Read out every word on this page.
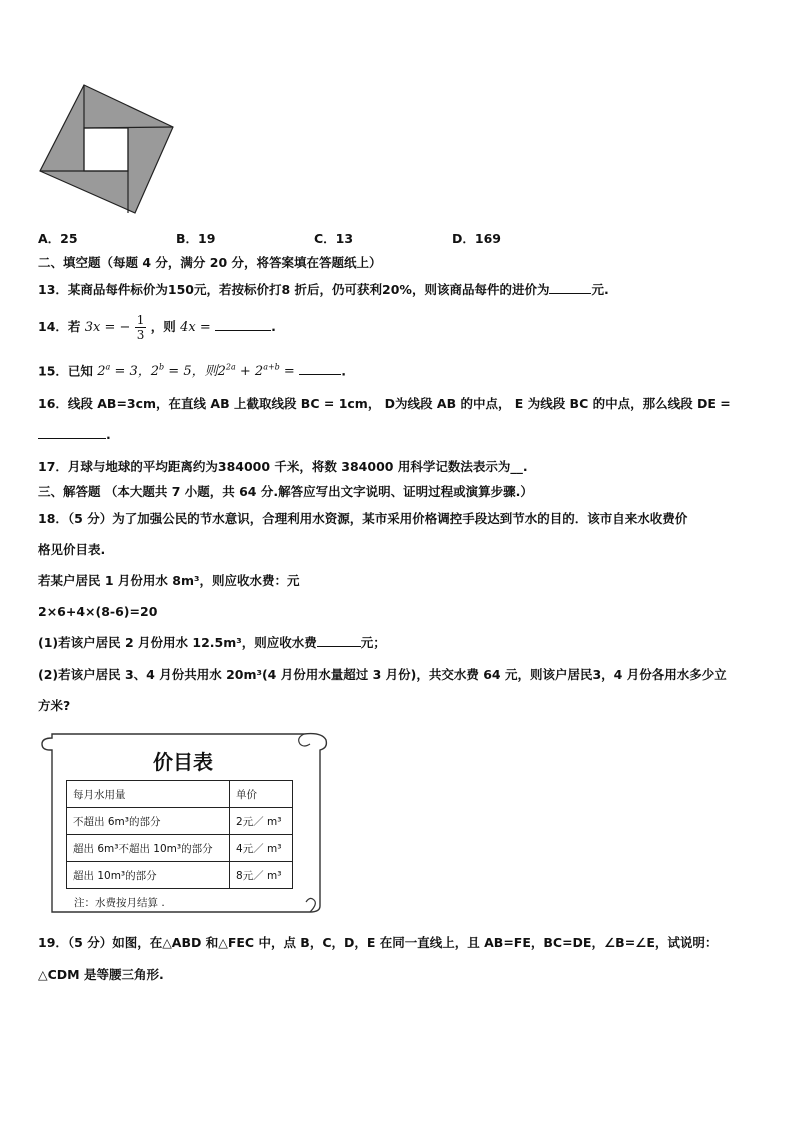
A．25	B．19	C．13	D．169
二、填空题（每题 4 分，满分 20 分，将答案填在答题纸上）
13．某商品每件标价为150元，若按标价打8 折后，仍可获利20%，则该商品每件的进价为	元.
14．若 3x = − $\frac{1}{3}$ ，则 4x =	.
15．已知 $2^a = 3$，$2^b = 5$，则$2^{2a} + 2^{a+b}$ =	.
16．线段 AB=3cm，在直线 AB 上截取线段 BC = 1cm， D为线段 AB 的中点， E 为线段 BC 的中点，那么线段 DE =
.
17．月球与地球的平均距离约为384000 千米，将数 384000 用科学记数法表示为__.
三、解答题 （本大题共 7 小题，共 64 分.解答应写出文字说明、证明过程或演算步骤.）
18．（5 分）为了加强公民的节水意识，合理利用水资源，某市采用价格调控手段达到节水的目的．该市自来水收费价
格见价目表.
若某户居民 1 月份用水 8m³，则应收水费：元
2×6+4×(8-6)=20
(1)若该户居民 2 月份用水 12.5m³，则应收水费	元；
(2)若该户居民 3、4 月份共用水 20m³(4 月份用水量超过 3 月份)，共交水费 64 元，则该户居民3，4 月份各用水多少立
方米?
价目表
每月水用量	单价
不超出 6m³的部分	2元／ m³
超出 6m³不超出 10m³的部分	4元／ m³
超出 10m³的部分	8元／ m³
注：水费按月结算 .
19．（5 分）如图，在△ABD 和△FEC 中，点 B，C，D，E 在同一直线上，且 AB=FE，BC=DE，∠B=∠E，试说明：
△CDM 是等腰三角形.
